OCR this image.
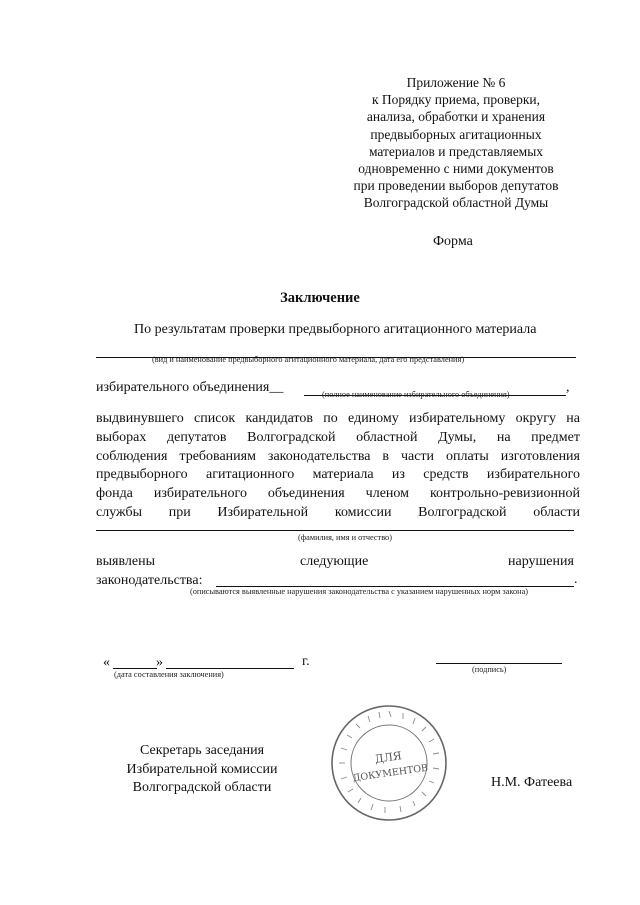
Приложение № 6
к Порядку приема, проверки,
анализа, обработки и хранения
предвыборных агитационных
материалов и представляемых
одновременно с ними документов
при проведении выборов депутатов
Волгоградской областной Думы
Форма
Заключение
По результатам проверки предвыборного агитационного материала
(вид и наименование предвыборного агитационного материала, дата его представления)
избирательного объединения__	,
(полное наименование избирательного объединения)
выдвинувшего список кандидатов по единому избирательному округу на
выборах депутатов Волгоградской областной Думы, на предмет
соблюдения требованиям законодательства в части оплаты изготовления
предвыборного агитационного материала из средств избирательного
фонда избирательного объединения членом контрольно-ревизионной
службы при Избирательной комиссии Волгоградской области
(фамилия, имя и отчество)
выявлены	следующие	нарушения
законодательства:	.
(описываются выявленные нарушения законодательства с указанием нарушенных норм закона)
«	»	г.
(дата составления заключения)
(подпись)
Секретарь заседания
Избирательной комиссии
Волгоградской области	Н.М. Фатеева
ДЛЯ
ДОКУМЕНТОВ
